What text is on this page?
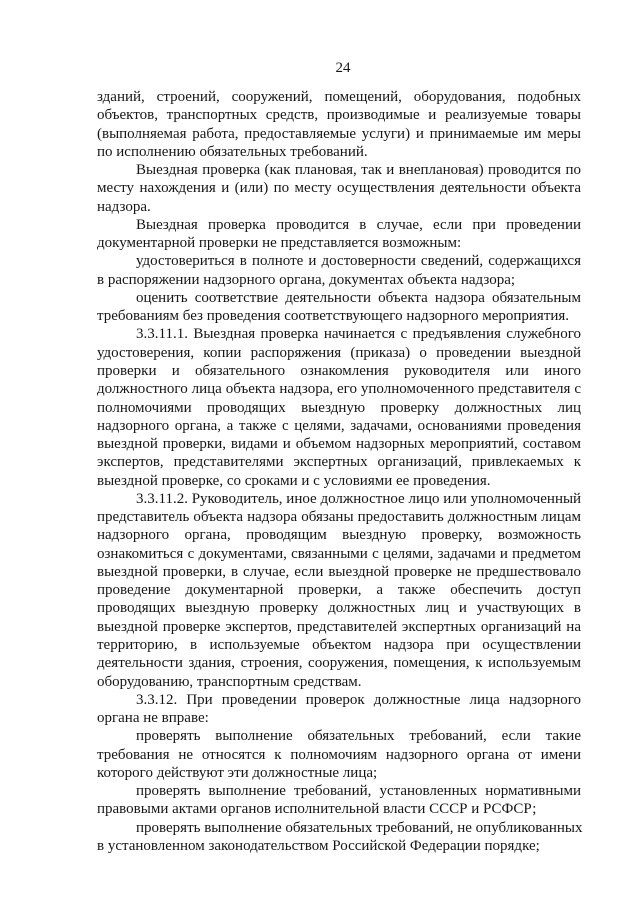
24
зданий, строений, сооружений, помещений, оборудования, подобных
объектов, транспортных средств, производимые и реализуемые товары
(выполняемая работа, предоставляемые услуги) и принимаемые им меры
по исполнению обязательных требований.
Выездная проверка (как плановая, так и внеплановая) проводится по
месту нахождения и (или) по месту осуществления деятельности объекта
надзора.
Выездная проверка проводится в случае, если при проведении
документарной проверки не представляется возможным:
удостовериться в полноте и достоверности сведений, содержащихся
в распоряжении надзорного органа, документах объекта надзора;
оценить соответствие деятельности объекта надзора обязательным
требованиям без проведения соответствующего надзорного мероприятия.
3.3.11.1. Выездная проверка начинается с предъявления служебного
удостоверения, копии распоряжения (приказа) о проведении выездной
проверки и обязательного ознакомления руководителя или иного
должностного лица объекта надзора, его уполномоченного представителя с
полномочиями проводящих выездную проверку должностных лиц
надзорного органа, а также с целями, задачами, основаниями проведения
выездной проверки, видами и объемом надзорных мероприятий, составом
экспертов, представителями экспертных организаций, привлекаемых к
выездной проверке, со сроками и с условиями ее проведения.
3.3.11.2. Руководитель, иное должностное лицо или уполномоченный
представитель объекта надзора обязаны предоставить должностным лицам
надзорного органа, проводящим выездную проверку, возможность
ознакомиться с документами, связанными с целями, задачами и предметом
выездной проверки, в случае, если выездной проверке не предшествовало
проведение документарной проверки, а также обеспечить доступ
проводящих выездную проверку должностных лиц и участвующих в
выездной проверке экспертов, представителей экспертных организаций на
территорию, в используемые объектом надзора при осуществлении
деятельности здания, строения, сооружения, помещения, к используемым
оборудованию, транспортным средствам.
3.3.12. При проведении проверок должностные лица надзорного
органа не вправе:
проверять выполнение обязательных требований, если такие
требования не относятся к полномочиям надзорного органа от имени
которого действуют эти должностные лица;
проверять выполнение требований, установленных нормативными
правовыми актами органов исполнительной власти СССР и РСФСР;
проверять выполнение обязательных требований, не опубликованных
в установленном законодательством Российской Федерации порядке;
